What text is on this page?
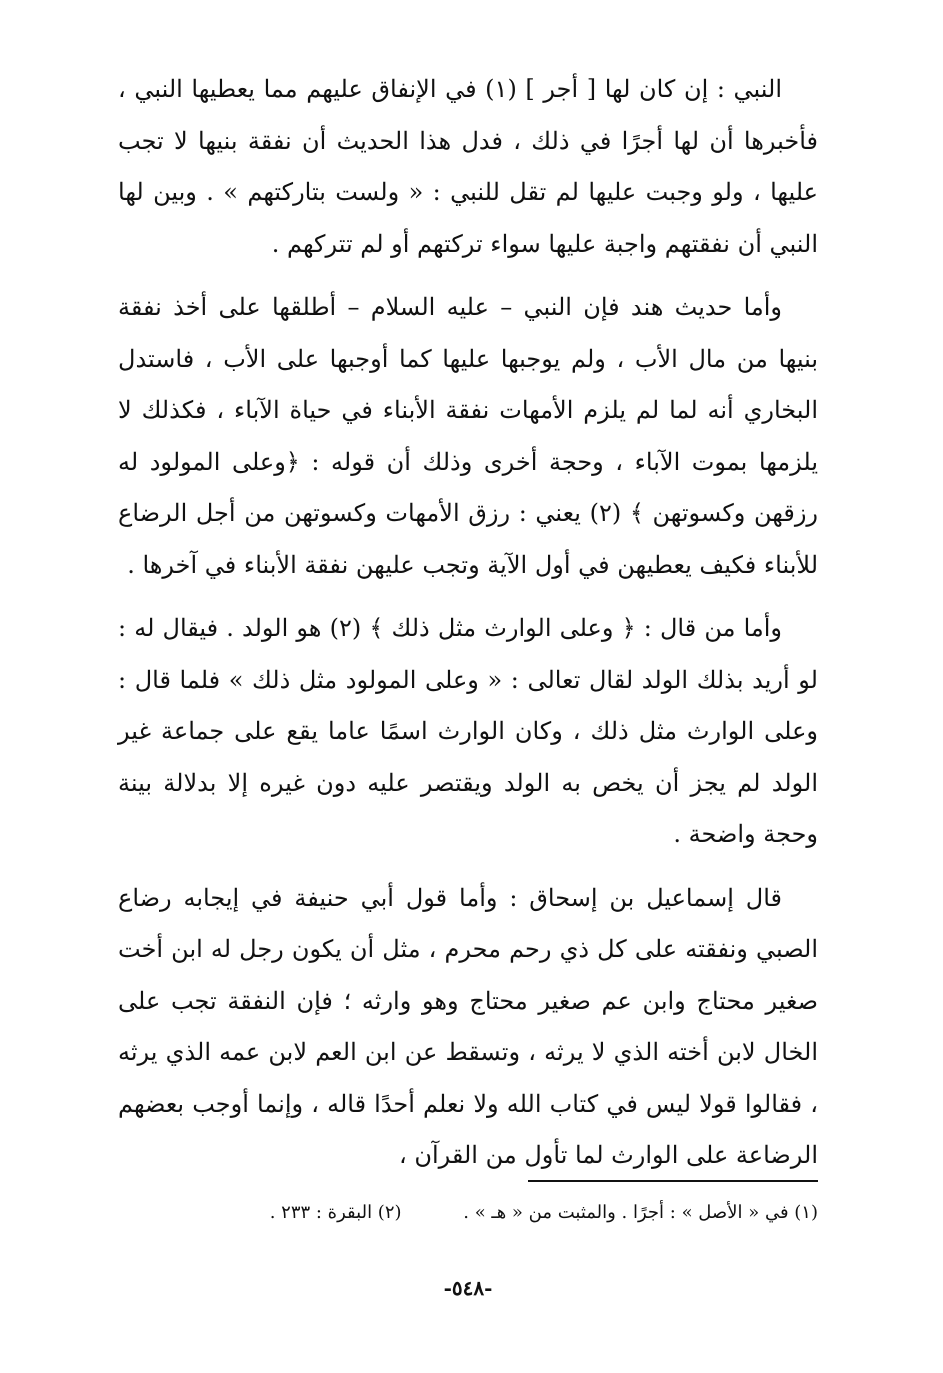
النبي : إن كان لها [ أجر ] (١) في الإنفاق عليهم مما يعطيها النبي ، فأخبرها أن لها أجرًا في ذلك ، فدل هذا الحديث أن نفقة بنيها لا تجب عليها ، ولو وجبت عليها لم تقل للنبي : « ولست بتاركتهم » . وبين لها النبي أن نفقتهم واجبة عليها سواء تركتهم أو لم تتركهم .

وأما حديث هند فإن النبي – عليه السلام – أطلقها على أخذ نفقة بنيها من مال الأب ، ولم يوجبها عليها كما أوجبها على الأب ، فاستدل البخاري أنه لما لم يلزم الأمهات نفقة الأبناء في حياة الآباء ، فكذلك لا يلزمها بموت الآباء ، وحجة أخرى وذلك أن قوله : ﴿وعلى المولود له رزقهن وكسوتهن ﴾ (٢) يعني : رزق الأمهات وكسوتهن من أجل الرضاع للأبناء فكيف يعطيهن في أول الآية وتجب عليهن نفقة الأبناء في آخرها .

وأما من قال : ﴿ وعلى الوارث مثل ذلك ﴾ (٢) هو الولد . فيقال له : لو أريد بذلك الولد لقال تعالى : « وعلى المولود مثل ذلك » فلما قال : وعلى الوارث مثل ذلك ، وكان الوارث اسمًا عاما يقع على جماعة غير الولد لم يجز أن يخص به الولد ويقتصر عليه دون غيره إلا بدلالة بينة وحجة واضحة .

قال إسماعيل بن إسحاق : وأما قول أبي حنيفة في إيجابه رضاع الصبي ونفقته على كل ذي رحم محرم ، مثل أن يكون رجل له ابن أخت صغير محتاج وابن عم صغير محتاج وهو وارثه ؛ فإن النفقة تجب على الخال لابن أخته الذي لا يرثه ، وتسقط عن ابن العم لابن عمه الذي يرثه ، فقالوا قولا ليس في كتاب الله ولا نعلم أحدًا قاله ، وإنما أوجب بعضهم الرضاعة على الوارث لما تأول من القرآن ،

(١) في « الأصل » : أجرًا . والمثبت من « هـ » . (٢) البقرة : ٢٣٣ .
-٥٤٨-
